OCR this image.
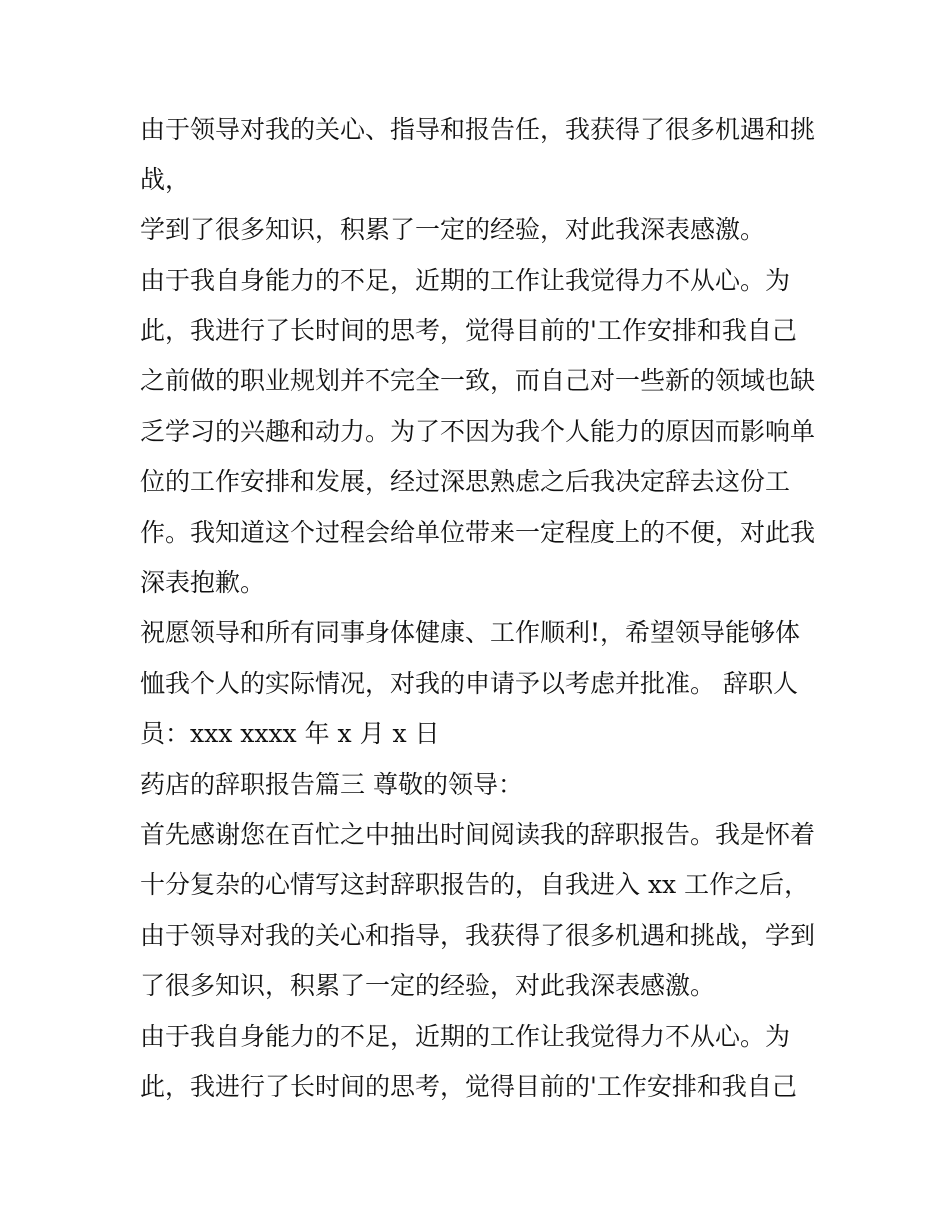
由于领导对我的关心、指导和报告任，我获得了很多机遇和挑

战，

学到了很多知识，积累了一定的经验，对此我深表感激。

由于我自身能力的不足，近期的工作让我觉得力不从心。为

此，我进行了长时间的思考，觉得目前的'工作安排和我自己

之前做的职业规划并不完全一致，而自己对一些新的领域也缺

乏学习的兴趣和动力。为了不因为我个人能力的原因而影响单

位的工作安排和发展，经过深思熟虑之后我决定辞去这份工

作。我知道这个过程会给单位带来一定程度上的不便，对此我

深表抱歉。

祝愿领导和所有同事身体健康、工作顺利!，希望领导能够体

恤我个人的实际情况，对我的申请予以考虑并批准。 辞职人

员：xxx xxxx 年 x 月 x 日

药店的辞职报告篇三 尊敬的领导：

首先感谢您在百忙之中抽出时间阅读我的辞职报告。我是怀着

十分复杂的心情写这封辞职报告的，自我进入 xx 工作之后，

由于领导对我的关心和指导，我获得了很多机遇和挑战，学到

了很多知识，积累了一定的经验，对此我深表感激。

由于我自身能力的不足，近期的工作让我觉得力不从心。为

此，我进行了长时间的思考，觉得目前的'工作安排和我自己
